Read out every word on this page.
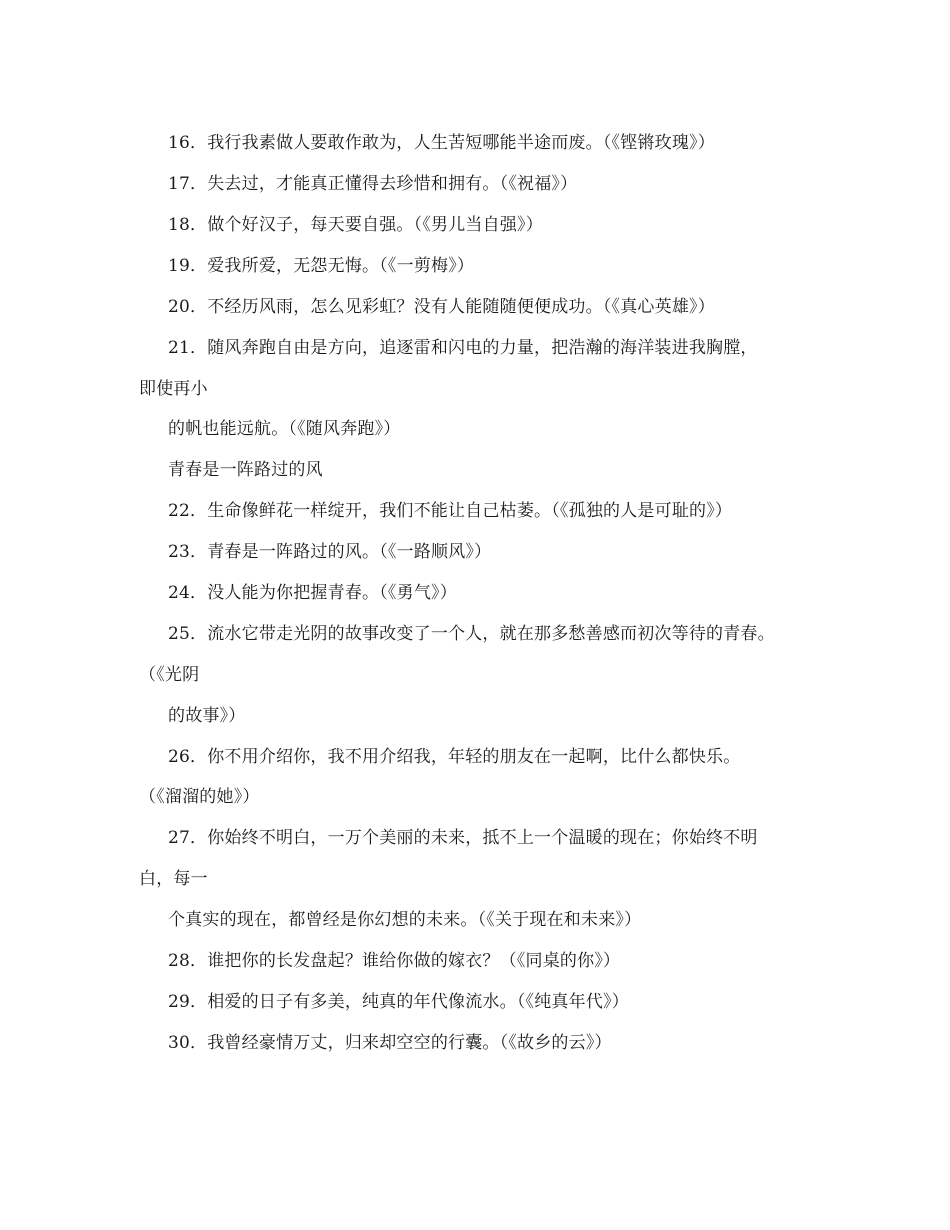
16．我行我素做人要敢作敢为，人生苦短哪能半途而废。（《铿锵玫瑰》）
17．失去过，才能真正懂得去珍惜和拥有。（《祝福》）
18．做个好汉子，每天要自强。（《男儿当自强》）
19．爱我所爱，无怨无悔。（《一剪梅》）
20．不经历风雨，怎么见彩虹？没有人能随随便便成功。（《真心英雄》）
21．随风奔跑自由是方向，追逐雷和闪电的力量，把浩瀚的海洋装进我胸膛，
即使再小
的帆也能远航。（《随风奔跑》）
青春是一阵路过的风
22．生命像鲜花一样绽开，我们不能让自己枯萎。（《孤独的人是可耻的》）
23．青春是一阵路过的风。（《一路顺风》）
24．没人能为你把握青春。（《勇气》）
25．流水它带走光阴的故事改变了一个人，就在那多愁善感而初次等待的青春。
（《光阴
的故事》）
26．你不用介绍你，我不用介绍我，年轻的朋友在一起啊，比什么都快乐。
（《溜溜的她》）
27．你始终不明白，一万个美丽的未来，抵不上一个温暖的现在；你始终不明
白，每一
个真实的现在，都曾经是你幻想的未来。（《关于现在和未来》）
28．谁把你的长发盘起？谁给你做的嫁衣？（《同桌的你》）
29．相爱的日子有多美，纯真的年代像流水。（《纯真年代》）
30．我曾经豪情万丈，归来却空空的行囊。（《故乡的云》）
